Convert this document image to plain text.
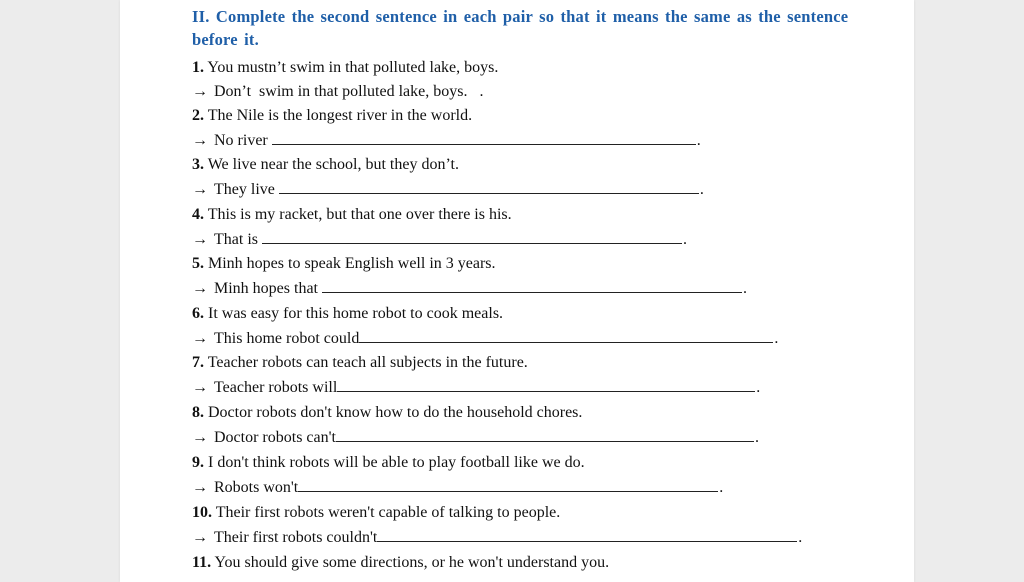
II. Complete the second sentence in each pair so that it means the same as the sentence before it.
1. You mustn’t swim in that polluted lake, boys.
→ Don’t  swim in that polluted lake, boys. .
2. The Nile is the longest river in the world.
→ No river	.
3. We live near the school, but they don’t.
→ They live	.
4. This is my racket, but that one over there is his.
→ That is	.
5. Minh hopes to speak English well in 3 years.
→ Minh hopes that	.
6. It was easy for this home robot to cook meals.
→ This home robot could	.
7. Teacher robots can teach all subjects in the future.
→ Teacher robots will	.
8. Doctor robots don't know how to do the household chores.
→ Doctor robots can't	.
9. I don't think robots will be able to play football like we do.
→ Robots won't	.
10. Their first robots weren't capable of talking to people.
→ Their first robots couldn't	.
11. You should give some directions, or he won't understand you.
